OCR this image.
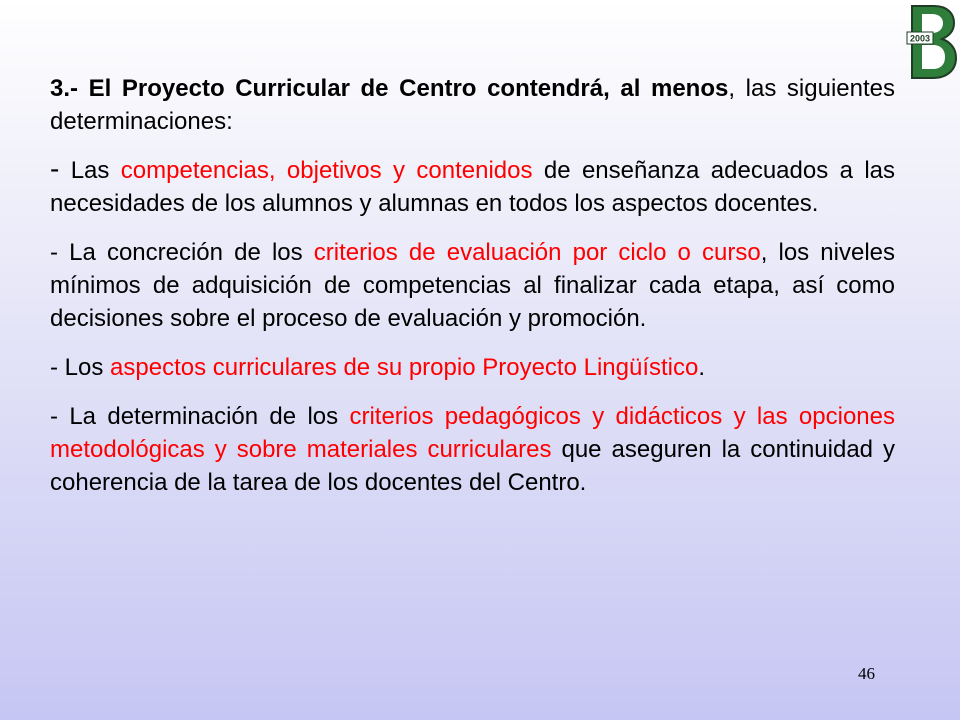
2003

3.- El Proyecto Curricular de Centro contendrá, al menos, las siguientes determinaciones:

- Las competencias, objetivos y contenidos de enseñanza adecuados a las necesidades de los alumnos y alumnas en todos los aspectos docentes.

- La concreción de los criterios de evaluación por ciclo o curso, los niveles mínimos de adquisición de competencias al finalizar cada etapa, así como decisiones sobre el proceso de evaluación y promoción.

- Los aspectos curriculares de su propio Proyecto Lingüístico.

- La determinación de los criterios pedagógicos y didácticos y las opciones metodológicas y sobre materiales curriculares que aseguren la continuidad y coherencia de la tarea de los docentes del Centro.

46
